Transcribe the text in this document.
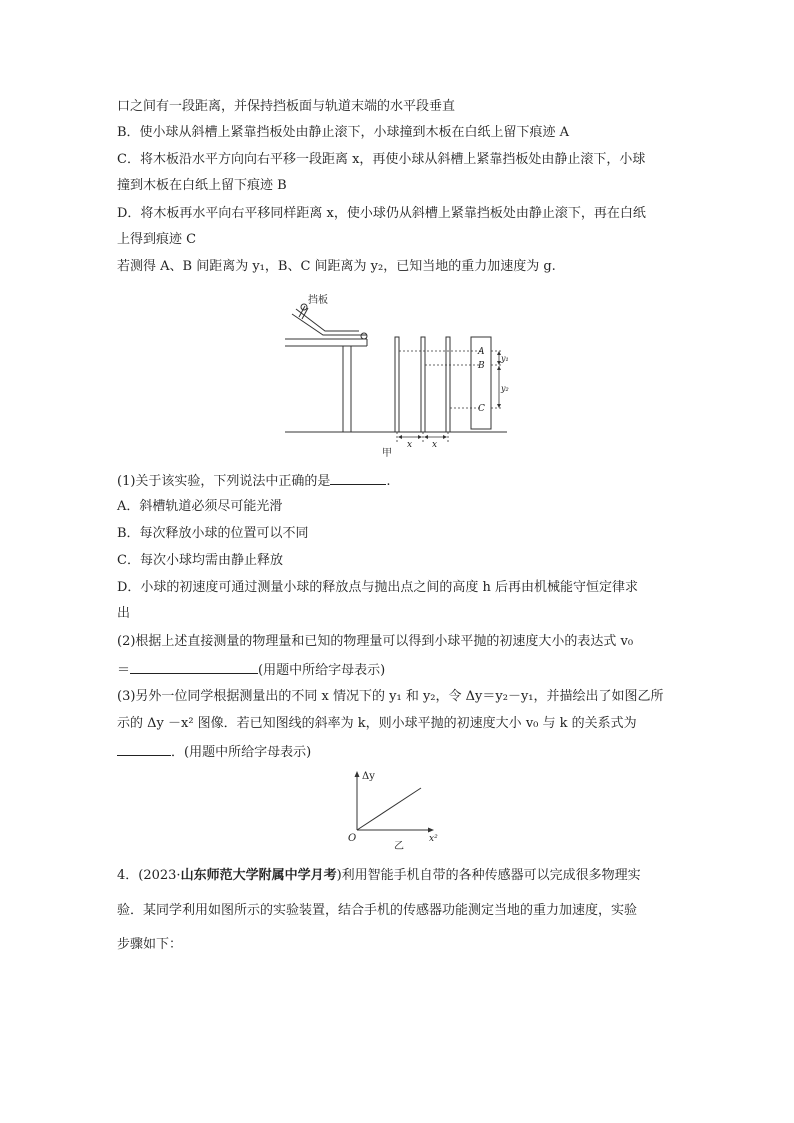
口之间有一段距离，并保持挡板面与轨道末端的水平段垂直
B．使小球从斜槽上紧靠挡板处由静止滚下，小球撞到木板在白纸上留下痕迹 A
C．将木板沿水平方向向右平移一段距离 x，再使小球从斜槽上紧靠挡板处由静止滚下，小球
撞到木板在白纸上留下痕迹 B
D．将木板再水平向右平移同样距离 x，使小球仍从斜槽上紧靠挡板处由静止滚下，再在白纸
上得到痕迹 C
若测得 A、B 间距离为 y₁，B、C 间距离为 y₂，已知当地的重力加速度为 g.
挡板
A
B
C
y₁
y₂
x x
甲
(1)关于该实验，下列说法中正确的是	.
A．斜槽轨道必须尽可能光滑
B．每次释放小球的位置可以不同
C．每次小球均需由静止释放
D．小球的初速度可通过测量小球的释放点与抛出点之间的高度 h 后再由机械能守恒定律求
出
(2)根据上述直接测量的物理量和已知的物理量可以得到小球平抛的初速度大小的表达式 v₀
＝	(用题中所给字母表示)
(3)另外一位同学根据测量出的不同 x 情况下的 y₁ 和 y₂，令 Δy＝y₂－y₁，并描绘出了如图乙所
示的 Δy －x² 图像．若已知图线的斜率为 k，则小球平抛的初速度大小 v₀ 与 k 的关系式为
．(用题中所给字母表示)
Δy
x²
O
乙
4．(2023·山东师范大学附属中学月考)利用智能手机自带的各种传感器可以完成很多物理实
验．某同学利用如图所示的实验装置，结合手机的传感器功能测定当地的重力加速度，实验
步骤如下：
